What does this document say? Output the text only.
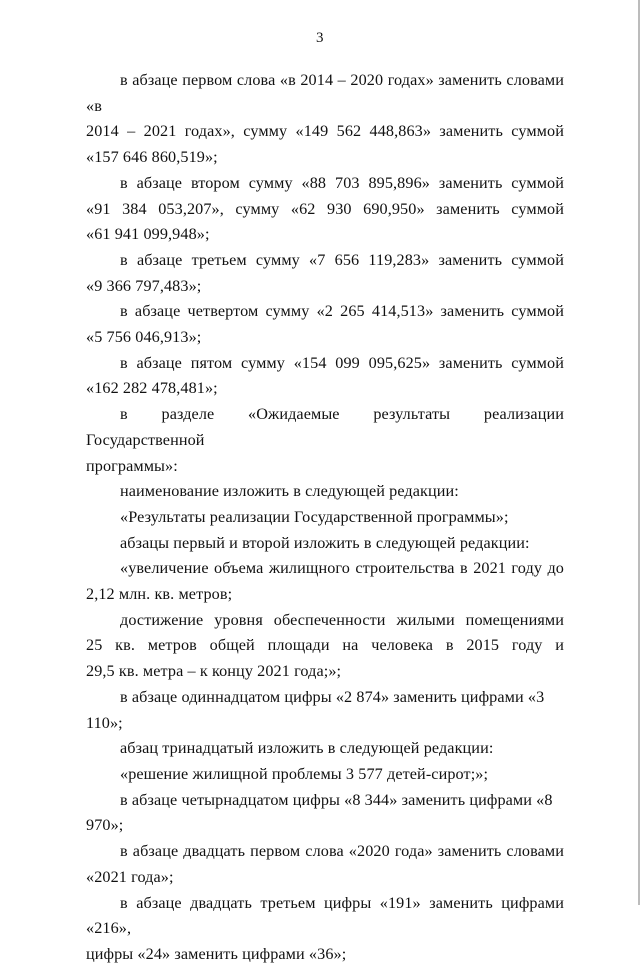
3
в абзаце первом слова «в 2014 – 2020 годах» заменить словами «в
2014 – 2021 годах», сумму «149 562 448,863» заменить суммой
«157 646 860,519»;
в абзаце втором сумму «88 703 895,896» заменить суммой
«91 384 053,207», сумму «62 930 690,950» заменить суммой
«61 941 099,948»;
в абзаце третьем сумму «7 656 119,283» заменить суммой
«9 366 797,483»;
в абзаце четвертом сумму «2 265 414,513» заменить суммой
«5 756 046,913»;
в абзаце пятом сумму «154 099 095,625» заменить суммой
«162 282 478,481»;
в разделе «Ожидаемые результаты реализации Государственной
программы»:
наименование изложить в следующей редакции:
«Результаты реализации Государственной программы»;
абзацы первый и второй изложить в следующей редакции:
«увеличение объема жилищного строительства в 2021 году до
2,12 млн. кв. метров;
достижение уровня обеспеченности жилыми помещениями
25 кв. метров общей площади на человека в 2015 году и
29,5 кв. метра – к концу 2021 года;»;
в абзаце одиннадцатом цифры «2 874» заменить цифрами «3 110»;
абзац тринадцатый изложить в следующей редакции:
«решение жилищной проблемы 3 577 детей-сирот;»;
в абзаце четырнадцатом цифры «8 344» заменить цифрами «8 970»;
в абзаце двадцать первом слова «2020 года» заменить словами
«2021 года»;
в абзаце двадцать третьем цифры «191» заменить цифрами «216»,
цифры «24» заменить цифрами «36»;
